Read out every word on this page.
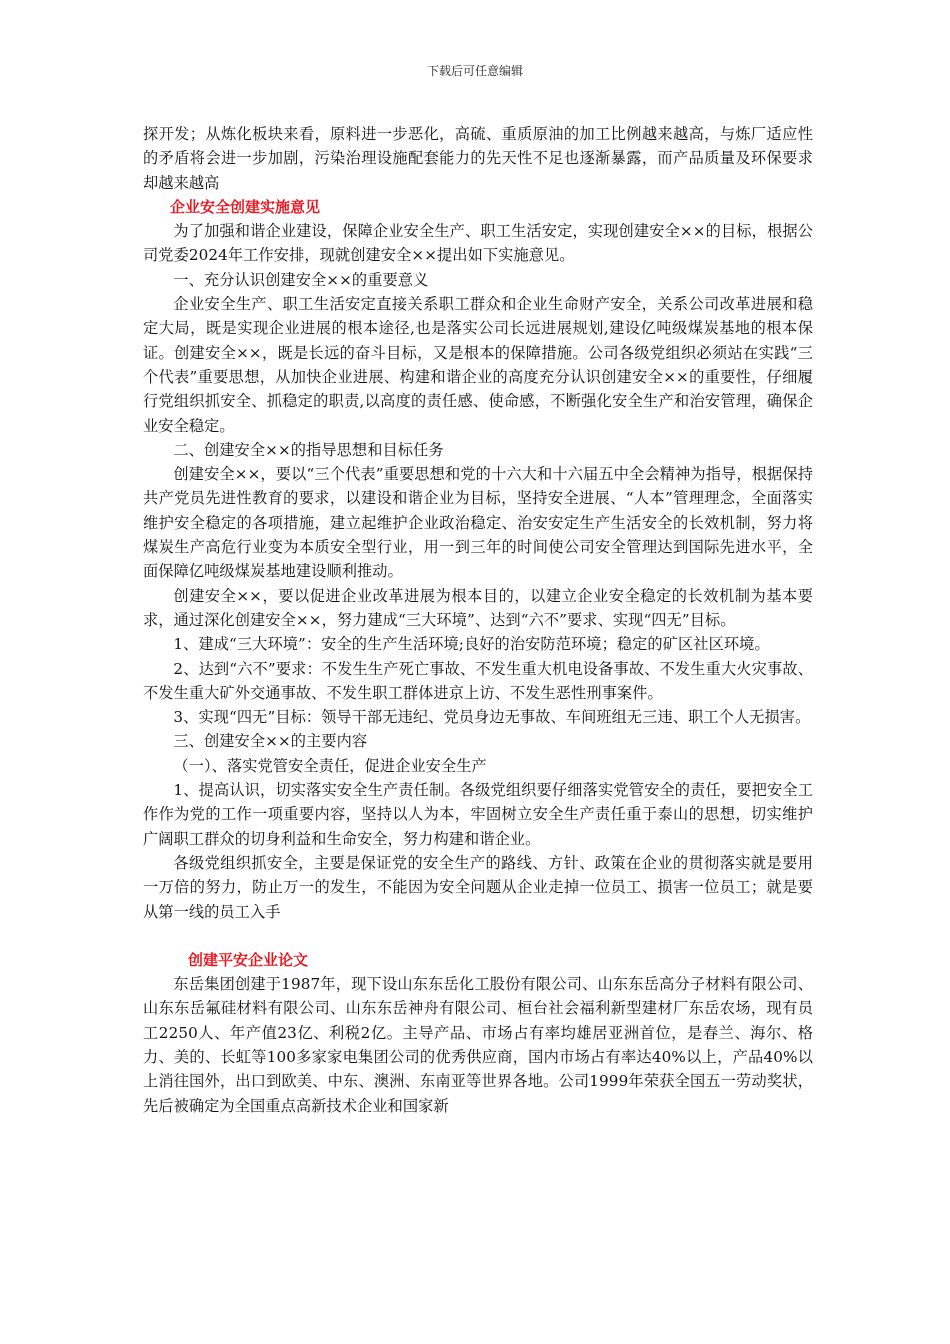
下载后可任意编辑

探开发；从炼化板块来看，原料进一步恶化，高硫、重质原油的加工比例越来越高，与炼厂适应性的矛盾将会进一步加剧，污染治理设施配套能力的先天性不足也逐渐暴露，而产品质量及环保要求却越来越高

企业安全创建实施意见

为了加强和谐企业建设，保障企业安全生产、职工生活安定，实现创建安全××的目标，根据公司党委2024年工作安排，现就创建安全××提出如下实施意见。

一、充分认识创建安全××的重要意义

企业安全生产、职工生活安定直接关系职工群众和企业生命财产安全，关系公司改革进展和稳定大局，既是实现企业进展的根本途径,也是落实公司长远进展规划,建设亿吨级煤炭基地的根本保证。创建安全××，既是长远的奋斗目标，又是根本的保障措施。公司各级党组织必须站在实践“三个代表”重要思想，从加快企业进展、构建和谐企业的高度充分认识创建安全××的重要性，仔细履行党组织抓安全、抓稳定的职责,以高度的责任感、使命感，不断强化安全生产和治安管理，确保企业安全稳定。

二、创建安全××的指导思想和目标任务

创建安全××，要以“三个代表”重要思想和党的十六大和十六届五中全会精神为指导，根据保持共产党员先进性教育的要求，以建设和谐企业为目标，坚持安全进展、“人本”管理理念，全面落实维护安全稳定的各项措施，建立起维护企业政治稳定、治安安定生产生活安全的长效机制，努力将煤炭生产高危行业变为本质安全型行业，用一到三年的时间使公司安全管理达到国际先进水平，全面保障亿吨级煤炭基地建设顺利推动。

创建安全××，要以促进企业改革进展为根本目的，以建立企业安全稳定的长效机制为基本要求，通过深化创建安全××，努力建成“三大环境”、达到“六不”要求、实现“四无”目标。

1、建成“三大环境”：安全的生产生活环境;良好的治安防范环境；稳定的矿区社区环境。

2、达到“六不”要求：不发生生产死亡事故、不发生重大机电设备事故、不发生重大火灾事故、不发生重大矿外交通事故、不发生职工群体进京上访、不发生恶性刑事案件。

3、实现“四无”目标：领导干部无违纪、党员身边无事故、车间班组无三违、职工个人无损害。

三、创建安全××的主要内容

（一）、落实党管安全责任，促进企业安全生产

1、提高认识，切实落实安全生产责任制。各级党组织要仔细落实党管安全的责任，要把安全工作作为党的工作一项重要内容，坚持以人为本，牢固树立安全生产责任重于泰山的思想，切实维护广阔职工群众的切身利益和生命安全，努力构建和谐企业。

各级党组织抓安全，主要是保证党的安全生产的路线、方针、政策在企业的贯彻落实就是要用一万倍的努力，防止万一的发生，不能因为安全问题从企业走掉一位员工、损害一位员工；就是要从第一线的员工入手

创建平安企业论文

东岳集团创建于1987年，现下设山东东岳化工股份有限公司、山东东岳高分子材料有限公司、山东东岳氟硅材料有限公司、山东东岳神舟有限公司、桓台社会福利新型建材厂东岳农场，现有员工2250人、年产值23亿、利税2亿。主导产品、市场占有率均雄居亚洲首位，是春兰、海尔、格力、美的、长虹等100多家家电集团公司的优秀供应商，国内市场占有率达40%以上，产品40%以上消往国外，出口到欧美、中东、澳洲、东南亚等世界各地。公司1999年荣获全国五一劳动奖状，先后被确定为全国重点高新技术企业和国家新
